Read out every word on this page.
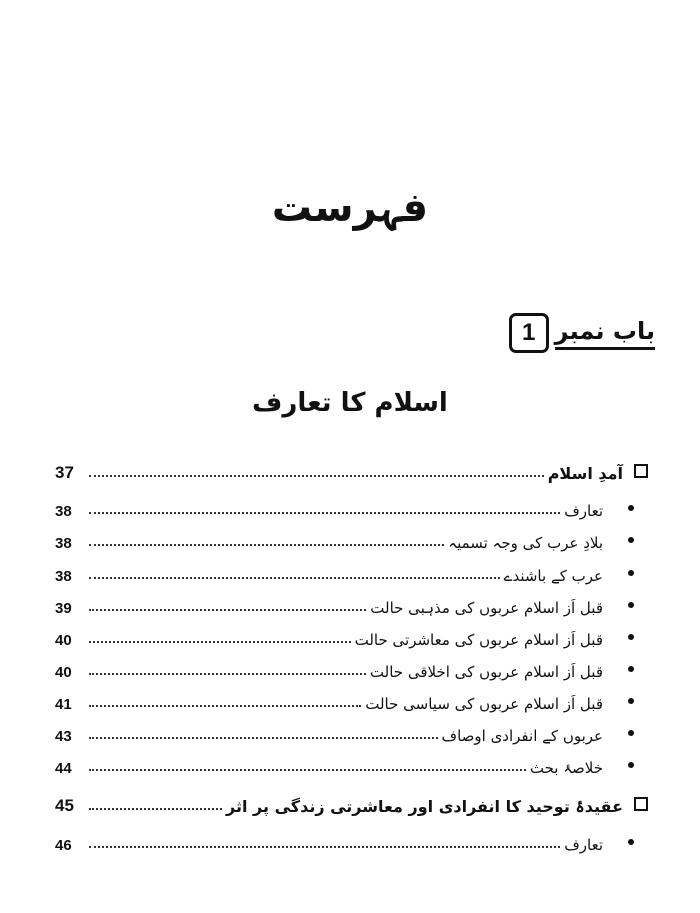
فہرست
باب نمبر
1
اسلام کا تعارف
آمدِ اسلام
37
تعارف
38
بلادِ عرب کی وجہ تسمیہ
38
عرب کے باشندے
38
قبل اَز اسلام عربوں کی مذہبی حالت
39
قبل اَز اسلام عربوں کی معاشرتی حالت
40
قبل اَز اسلام عربوں کی اخلاقی حالت
40
قبل اَز اسلام عربوں کی سیاسی حالت
41
عربوں کے انفرادی اوصاف
43
خلاصۂ بحث
44
عقیدۂ توحید کا انفرادی اور معاشرتی زندگی پر اثر
45
تعارف
46
